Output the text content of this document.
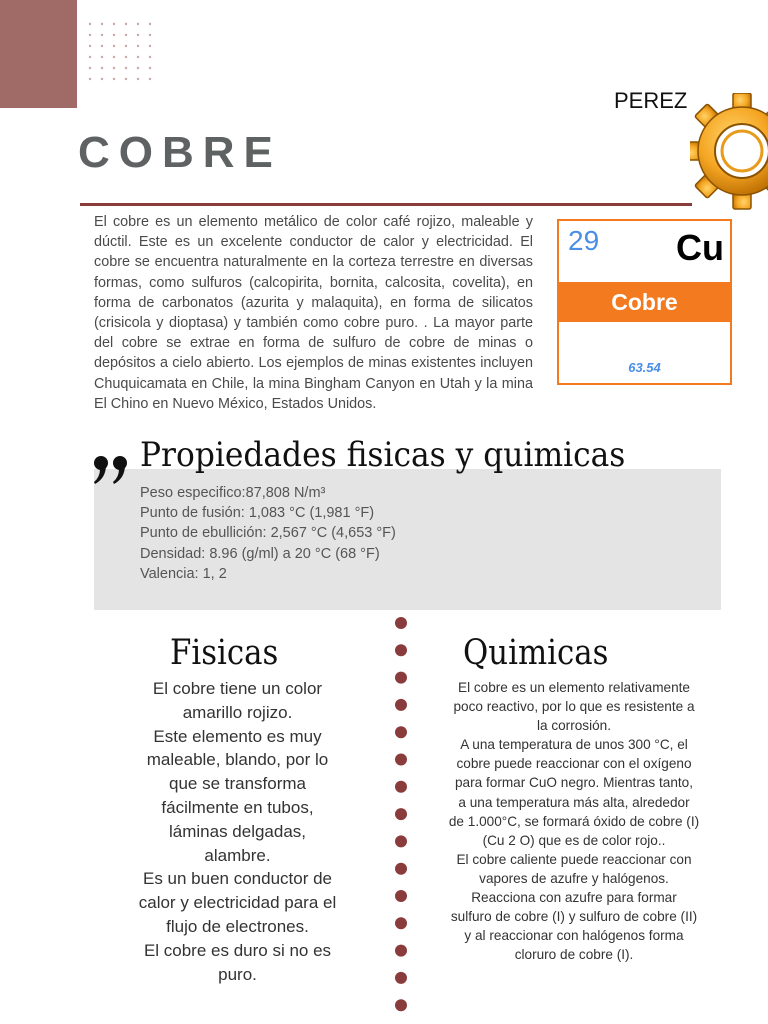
PEREZ
COBRE
El cobre es un elemento metálico de color café rojizo, maleable y dúctil. Este es un excelente conductor de calor y electricidad. El cobre se encuentra naturalmente en la corteza terrestre en diversas formas, como sulfuros (calcopirita, bornita, calcosita, covelita), en forma de carbonatos (azurita y malaquita), en forma de silicatos (crisicola y dioptasa) y también como cobre puro. . La mayor parte del cobre se extrae en forma de sulfuro de cobre de minas o depósitos a cielo abierto. Los ejemplos de minas existentes incluyen Chuquicamata en Chile, la mina Bingham Canyon en Utah y la mina El Chino en Nuevo México, Estados Unidos.
29 Cu
Cobre
63.54
Propiedades fisicas y quimicas
Peso especifico:87,808 N/m³
Punto de fusión: 1,083 °C (1,981 °F)
Punto de ebullición: 2,567 °C (4,653 °F)
Densidad: 8.96 (g/ml) a 20 °C (68 °F)
Valencia: 1, 2
Fisicas
El cobre tiene un color
amarillo rojizo.
Este elemento es muy
maleable, blando, por lo
que se transforma
fácilmente en tubos,
láminas delgadas,
alambre.
Es un buen conductor de
calor y electricidad para el
flujo de electrones.
El cobre es duro si no es
puro.
Quimicas
El cobre es un elemento relativamente
poco reactivo, por lo que es resistente a
la corrosión.
A una temperatura de unos 300 °C, el
cobre puede reaccionar con el oxígeno
para formar CuO negro. Mientras tanto,
a una temperatura más alta, alrededor
de 1.000°C, se formará óxido de cobre (I)
(Cu 2 O) que es de color rojo..
El cobre caliente puede reaccionar con
vapores de azufre y halógenos.
Reacciona con azufre para formar
sulfuro de cobre (I) y sulfuro de cobre (II)
y al reaccionar con halógenos forma
cloruro de cobre (I).
